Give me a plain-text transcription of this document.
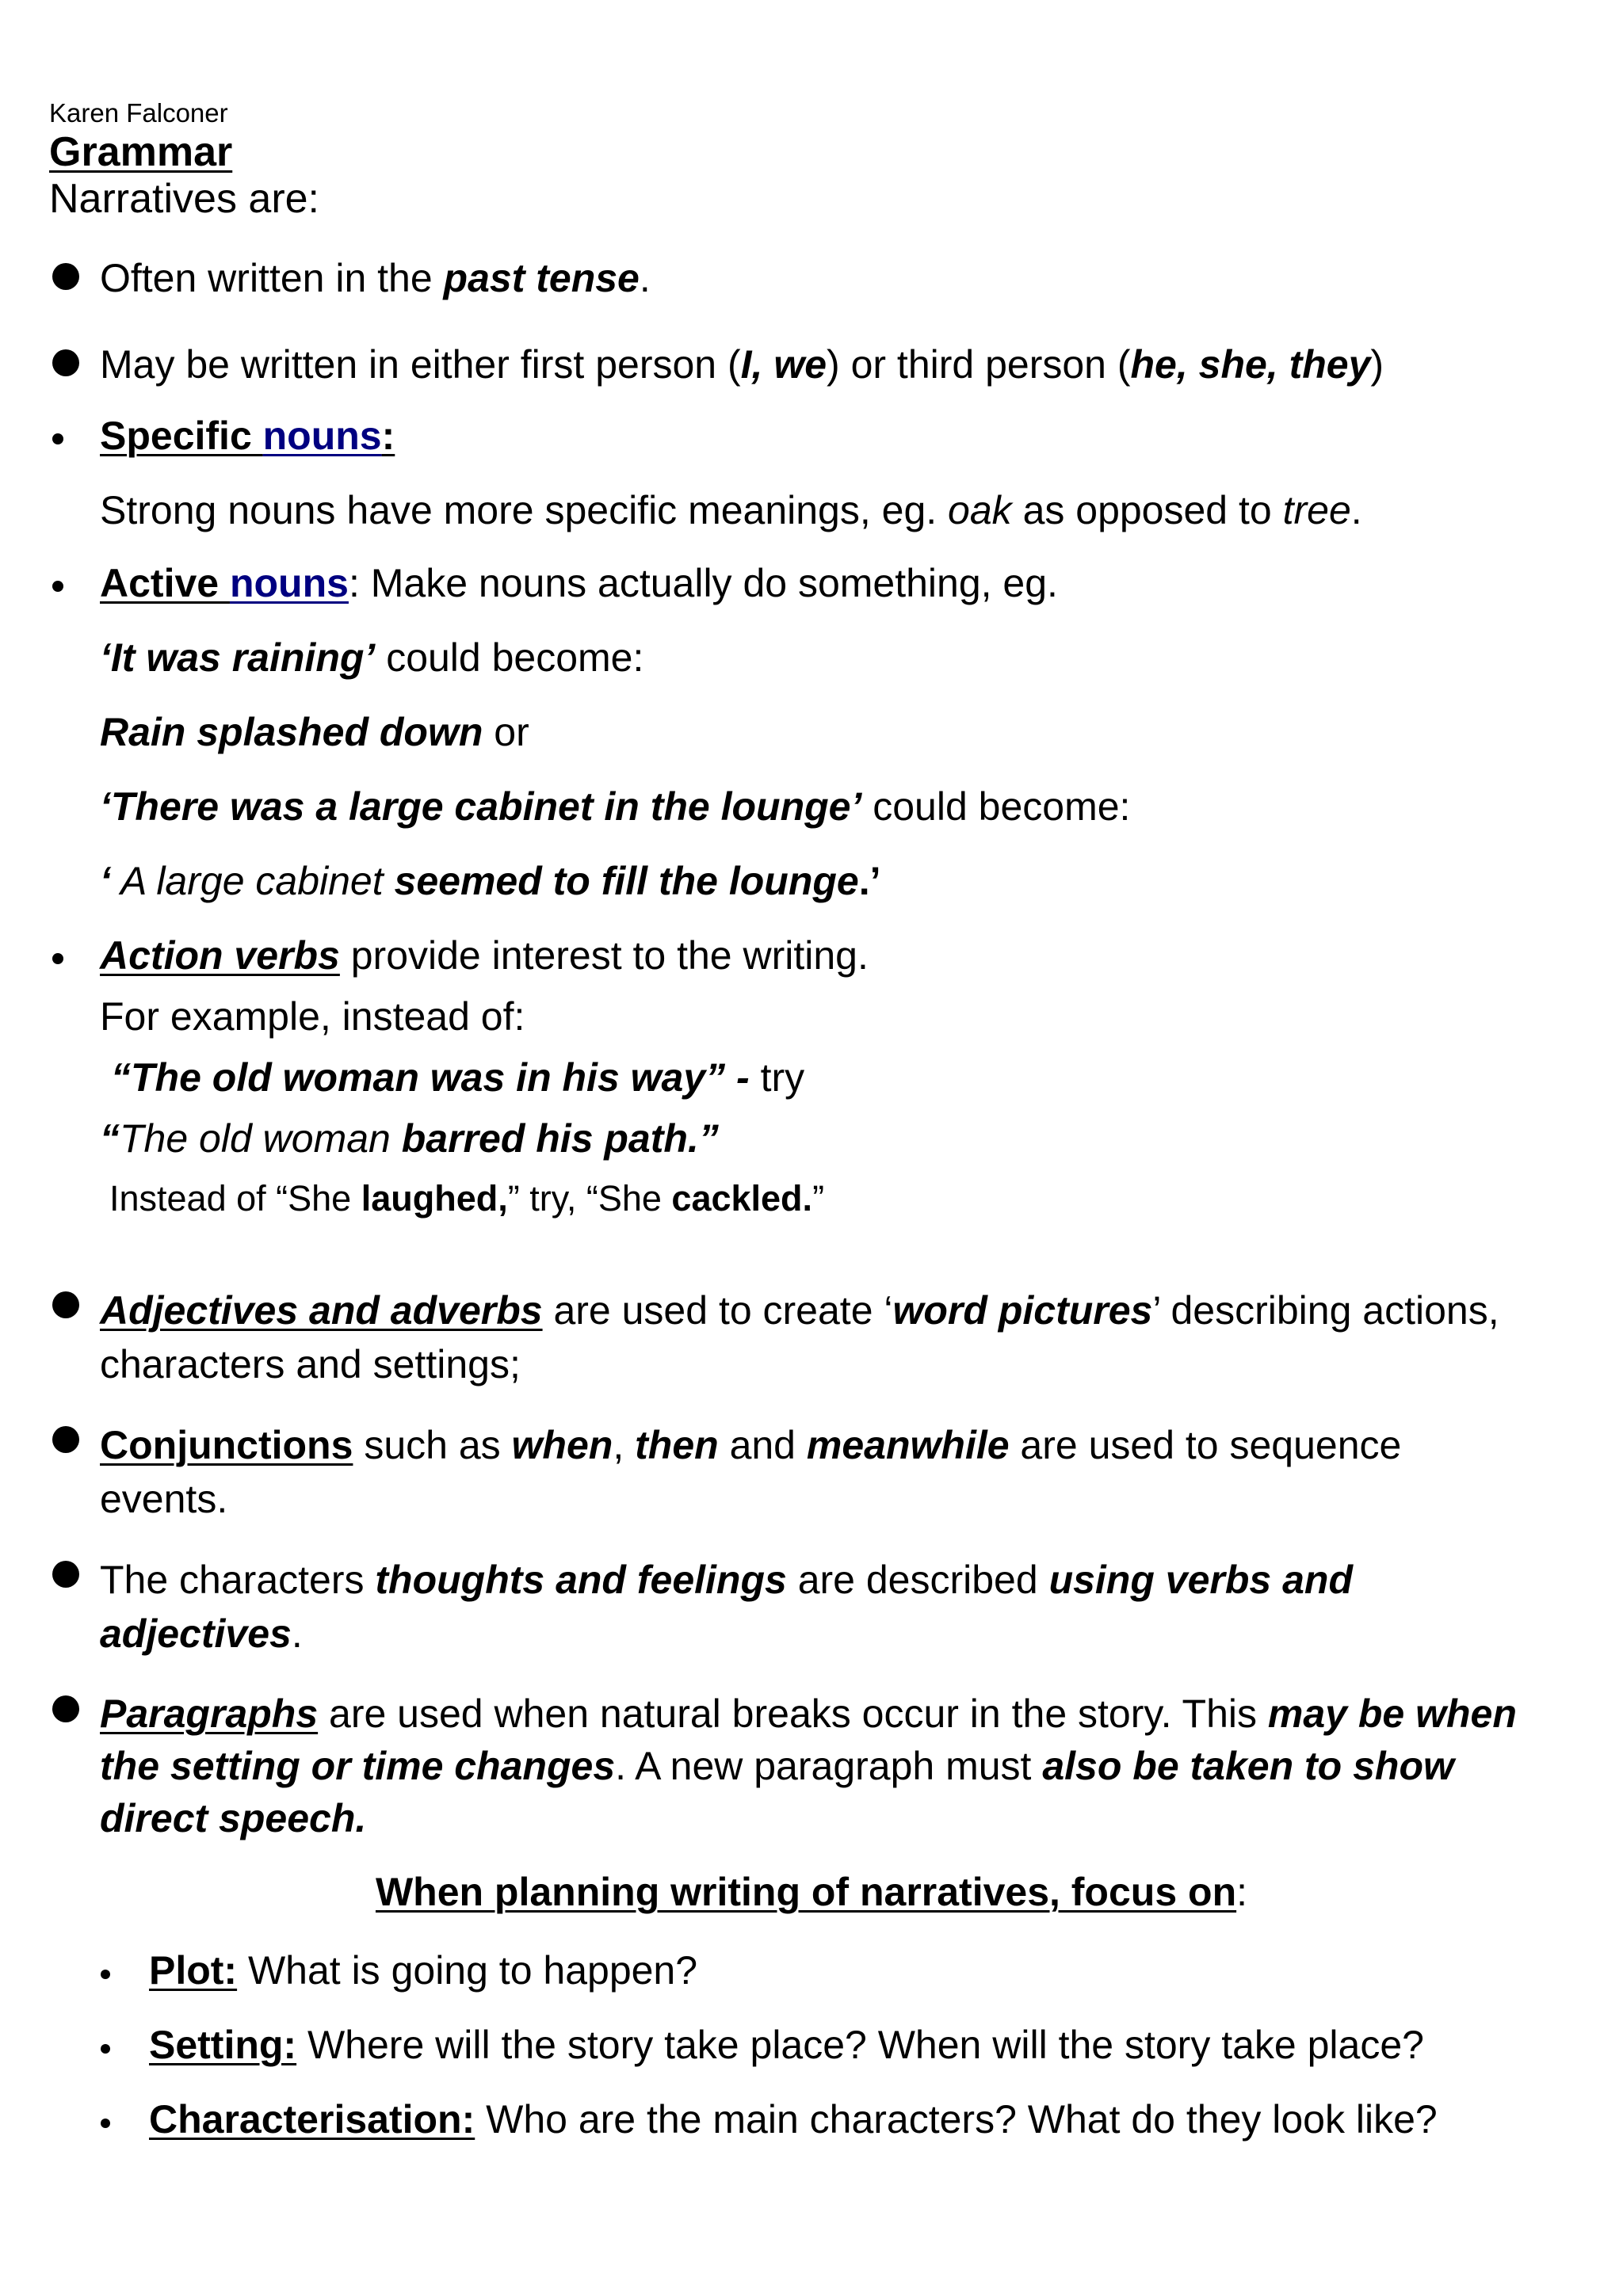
Karen Falconer
Grammar
Narratives are:
Often written in the past tense.
May be written in either first person (I, we) or third person (he, she, they)
Specific nouns:
Strong nouns have more specific meanings, eg. oak as opposed to tree.
Active nouns: Make nouns actually do something, eg.
‘It was raining’ could become:
Rain splashed down or
‘There was a large cabinet in the lounge’ could become:
‘ A large cabinet seemed to fill the lounge.’
Action verbs provide interest to the writing.
For example, instead of:
“The old woman was in his way” - try
“The old woman barred his path.”
Instead of “She laughed,” try, “She cackled.”
Adjectives and adverbs are used to create ‘word pictures’ describing actions,
characters and settings;
Conjunctions such as when, then and meanwhile are used to sequence
events.
The characters thoughts and feelings are described using verbs and
adjectives.
Paragraphs are used when natural breaks occur in the story. This may be when
the setting or time changes. A new paragraph must also be taken to show
direct speech.
When planning writing of narratives, focus on:
Plot: What is going to happen?
Setting: Where will the story take place? When will the story take place?
Characterisation: Who are the main characters? What do they look like?
